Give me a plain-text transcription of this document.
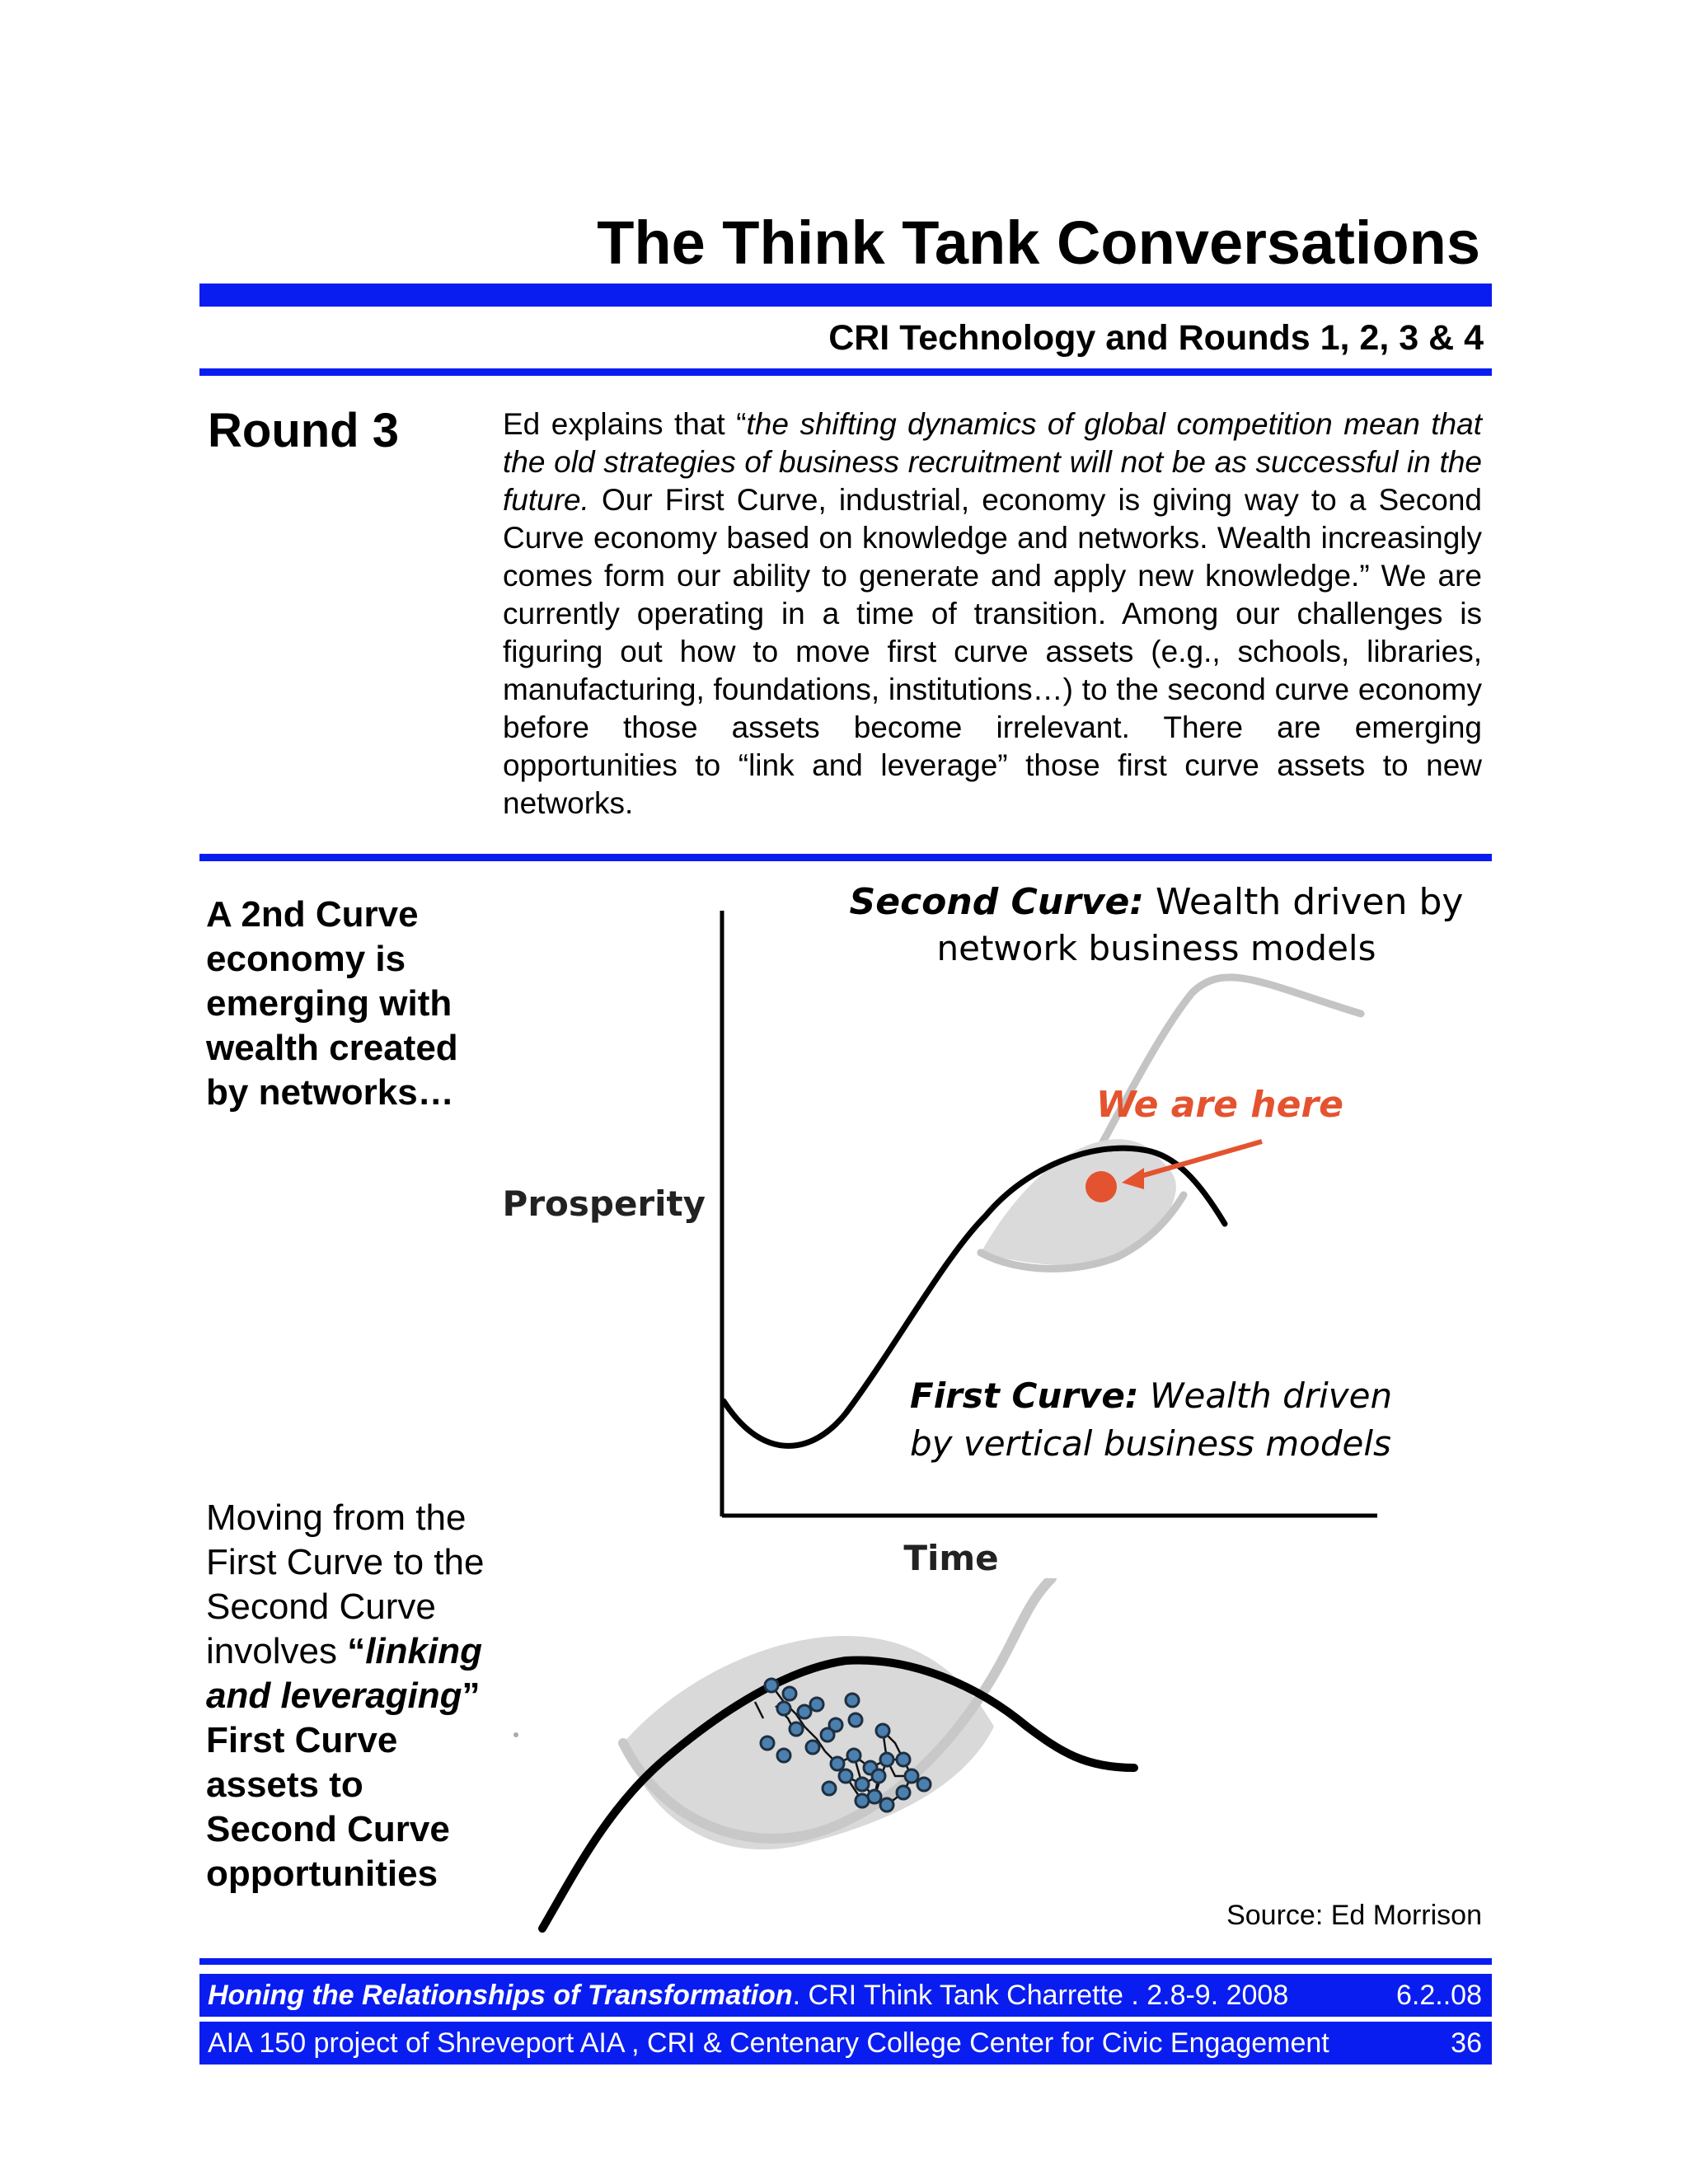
The Think Tank Conversations
CRI Technology and Rounds 1, 2, 3 & 4
Round 3	Ed explains that “the shifting dynamics of global competition mean that the old strategies of business recruitment will not be as successful in the future. Our First Curve, industrial, economy is giving way to a Second Curve economy based on knowledge and networks. Wealth increasingly comes form our ability to generate and apply new knowledge.” We are currently operating in a time of transition. Among our challenges is figuring out how to move first curve assets (e.g., schools, libraries, manufacturing, foundations, institutions…) to the second curve economy before those assets become irrelevant. There are emerging opportunities to “link and leverage” those first curve assets to new networks.
A 2nd Curve economy is emerging with wealth created by networks…
Moving from the First Curve to the Second Curve involves “linking and leveraging” First Curve assets to Second Curve opportunities
Second Curve: Wealth driven by
network business models
We are here
Prosperity
First Curve: Wealth driven
by vertical business models
Time
Source: Ed Morrison
Honing the Relationships of Transformation. CRI Think Tank Charrette . 2.8-9. 2008	6.2..08
AIA 150 project of Shreveport AIA , CRI & Centenary College Center for Civic Engagement	36
